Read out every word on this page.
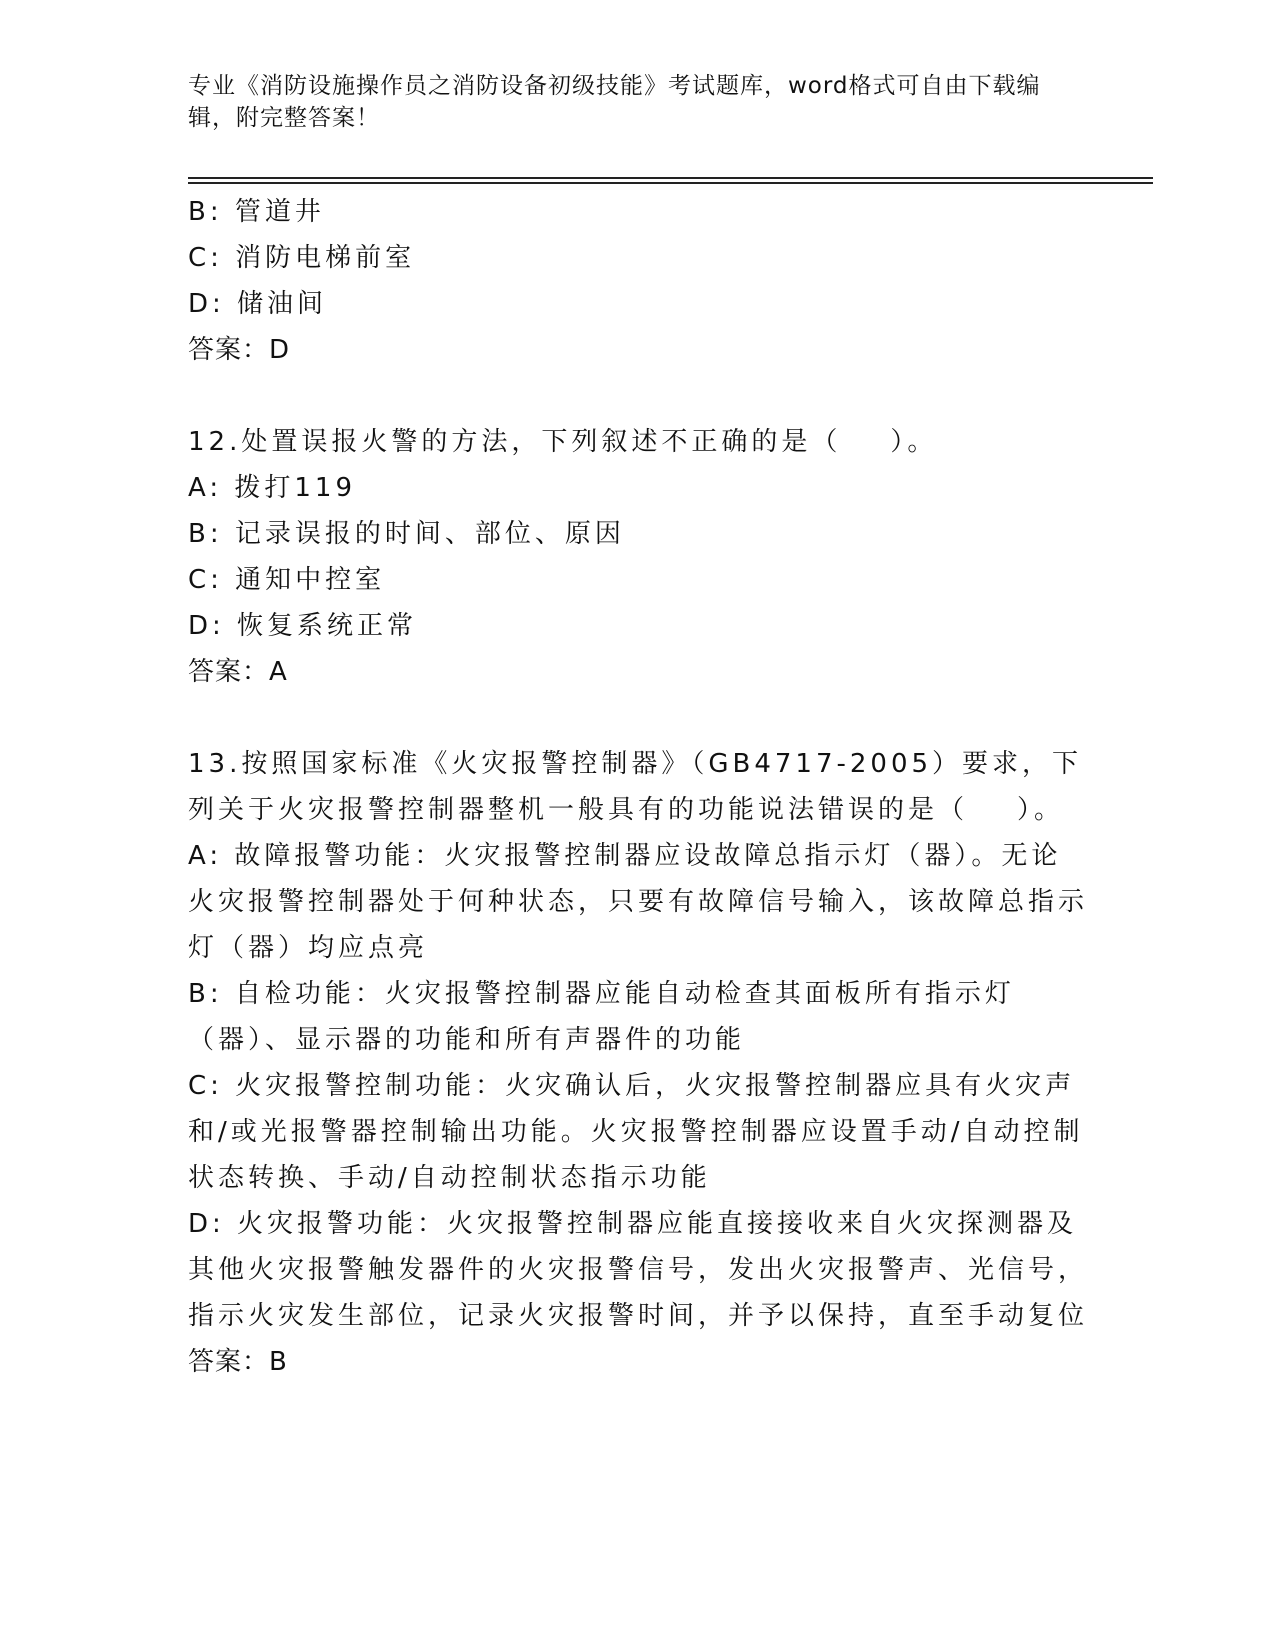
专业《消防设施操作员之消防设备初级技能》考试题库，word格式可自由下载编辑，附完整答案！

B: 管道井

C: 消防电梯前室

D: 储油间

答案：D

12.处置误报火警的方法，下列叙述不正确的是（    ）。

A: 拨打119

B: 记录误报的时间、部位、原因

C: 通知中控室

D: 恢复系统正常

答案：A

13.按照国家标准《火灾报警控制器》（GB4717-2005）要求，下列关于火灾报警控制器整机一般具有的功能说法错误的是（    ）。

A: 故障报警功能：火灾报警控制器应设故障总指示灯（器）。无论火灾报警控制器处于何种状态，只要有故障信号输入，该故障总指示灯（器）均应点亮

B: 自检功能：火灾报警控制器应能自动检查其面板所有指示灯（器）、显示器的功能和所有声器件的功能

C: 火灾报警控制功能：火灾确认后，火灾报警控制器应具有火灾声和/或光报警器控制输出功能。火灾报警控制器应设置手动/自动控制状态转换、手动/自动控制状态指示功能

D: 火灾报警功能：火灾报警控制器应能直接接收来自火灾探测器及其他火灾报警触发器件的火灾报警信号，发出火灾报警声、光信号，指示火灾发生部位，记录火灾报警时间，并予以保持，直至手动复位

答案：B
